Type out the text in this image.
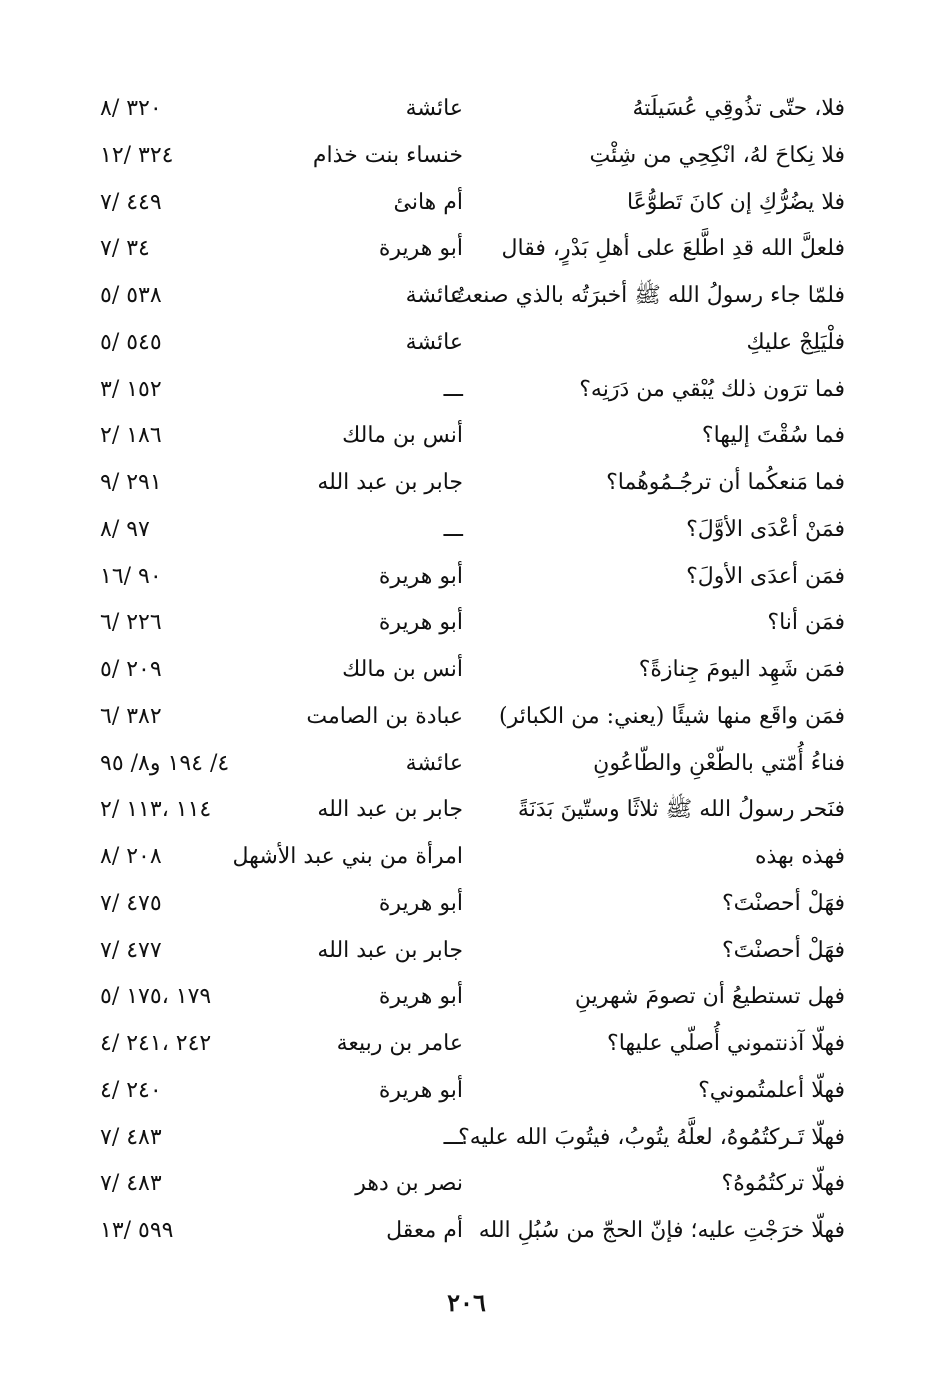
فلا، حتّى تذُوقِي عُسَيلَتهُ
عائشة
٣٢٠ /٨
فلا نِكاحَ لهُ، انْكِحِي من شِئْتِ
خنساء بنت خذام
٣٢٤ /١٢
فلا يضُرُّكِ إن كانَ تَطوُّعًا
أم هانئ
٤٤٩ /٧
فلعلَّ الله قدِ اطَّلعَ على أهلِ بَدْرٍ، فقال
أبو هريرة
٣٤ /٧
فلمّا جاء رسولُ الله ﷺ أخبرَتُه بالذي صنعتُ
عائشة
٥٣٨ /٥
فلْيَلِجْ عليكِ
عائشة
٥٤٥ /٥
فما ترَون ذلك يُبْقي من دَرَنِه؟
ـــ
١٥٢ /٣
فما سُقْتَ إليها؟
أنس بن مالك
١٨٦ /٢
فما مَنعكُما أن ترجُـمُوهُما؟
جابر بن عبد الله
٢٩١ /٩
فمَنْ أعْدَى الأوَّلَ؟
ـــ
٩٧ /٨
فمَن أعدَى الأولَ؟
أبو هريرة
٩٠ /١٦
فمَن أنا؟
أبو هريرة
٢٢٦ /٦
فمَن شَهِد اليومَ جِنازةً؟
أنس بن مالك
٢٠٩ /٥
فمَن واقَع منها شيئًا (يعني: من الكبائر)
عبادة بن الصامت
٣٨٢ /٦
فناءُ أُمّتي بالطّعْنِ والطّاعُونِ
عائشة
٤/ ١٩٤ و٨/ ٩٥
فنَحر رسولُ الله ﷺ ثلاثًا وستّينَ بَدَنَةً
جابر بن عبد الله
١١٤ ،١١٣ /٢
فهذه بهذه
امرأة من بني عبد الأشهل
٢٠٨ /٨
فهَلْ أحصنْتَ؟
أبو هريرة
٤٧٥ /٧
فهَلْ أحصنْتَ؟
جابر بن عبد الله
٤٧٧ /٧
فهل تستطيعُ أن تصومَ شهرينِ
أبو هريرة
١٧٩ ،١٧٥ /٥
فهلّا آذنتموني أُصلّي عليها؟
عامر بن ربيعة
٢٤٢ ،٢٤١ /٤
فهلّا أعلمتُموني؟
أبو هريرة
٢٤٠ /٤
فهلّا تَـركتُمُوهُ، لعلَّهُ يتُوبُ، فيتُوبَ الله عليه؟
ـــ
٤٨٣ /٧
فهلّا تركتُمُوهُ؟
نصر بن دهر
٤٨٣ /٧
فهلّا خرَجْتِ عليه؛ فإنّ الحجّ من سُبُلِ الله
أم معقل
٥٩٩ /١٣
٢٠٦
